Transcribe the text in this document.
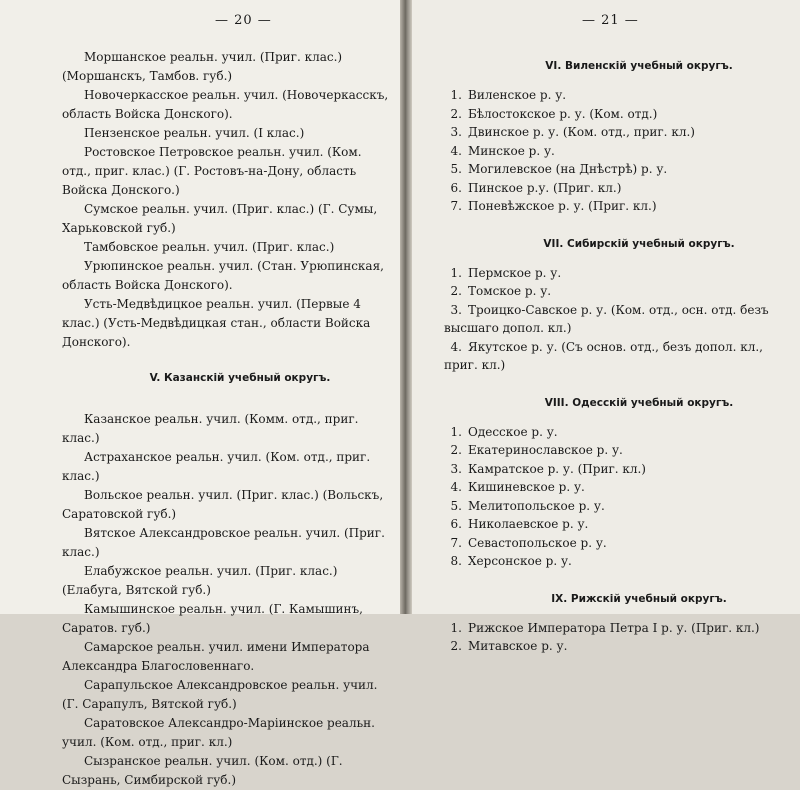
— 20 —
Моршанское реальн. учил. (Приг. клас.) (Моршанскъ, Тамбов. губ.)
Новочеркасское реальн. учил. (Новочеркасскъ, область Войска Донского).
Пензенское реальн. учил. (I клас.)
Ростовское Петровское реальн. учил. (Ком. отд., приг. клас.) (Г. Ростовъ-на-Дону, область Войска Донского.)
Сумское реальн. учил. (Приг. клас.) (Г. Сумы, Харьковской губ.)
Тамбовское реальн. учил. (Приг. клас.)
Урюпинское реальн. учил. (Стан. Урюпинская, область Войска Донского).
Усть-Медвѣдицкое реальн. учил. (Первые 4 клас.) (Усть-Медвѣдицкая стан., области Войска Донского).
V. Казанскій учебный округъ.
Казанское реальн. учил. (Комм. отд., приг. клас.)
Астраханское реальн. учил. (Ком. отд., приг. клас.)
Вольское реальн. учил. (Приг. клас.) (Вольскъ, Саратовской губ.)
Вятское Александровское реальн. учил. (Приг. клас.)
Елабужское реальн. учил. (Приг. клас.) (Елабуга, Вятской губ.)
Камышинское реальн. учил. (Г. Камышинъ, Саратов. губ.)
Самарское реальн. учил. имени Императора Александра Благословеннаго.
Сарапульское Александровское реальн. учил. (Г. Сарапулъ, Вятской губ.)
Саратовское Александро-Маріинское реальн. учил. (Ком. отд., приг. кл.)
Сызранское реальн. учил. (Ком. отд.) (Г. Сызрань, Симбирской губ.)
— 21 —
VI. Виленскій учебный округъ.
1. Виленское р. у.
2. Бѣлостокское р. у. (Ком. отд.)
3. Двинское р. у. (Ком. отд., приг. кл.)
4. Минское р. у.
5. Могилевское (на Днѣстрѣ) р. у.
6. Пинское р.у. (Приг. кл.)
7. Поневѣжское р. у. (Приг. кл.)
VII. Сибирскій учебный округъ.
1. Пермское р. у.
2. Томское р. у.
3. Троицко-Савское р. у. (Ком. отд., осн. отд. безъ высшаго допол. кл.)
4. Якутское р. у. (Съ основ. отд., безъ допол. кл., приг. кл.)
VIII. Одесскій учебный округъ.
1. Одесское р. у.
2. Екатеринославское р. у.
3. Камратское р. у. (Приг. кл.)
4. Кишиневское р. у.
5. Мелитопольское р. у.
6. Николаевское р. у.
7. Севастопольское р. у.
8. Херсонское р. у.
IX. Рижскій учебный округъ.
1. Рижское Императора Петра I р. у. (Приг. кл.)
2. Митавское р. у.
